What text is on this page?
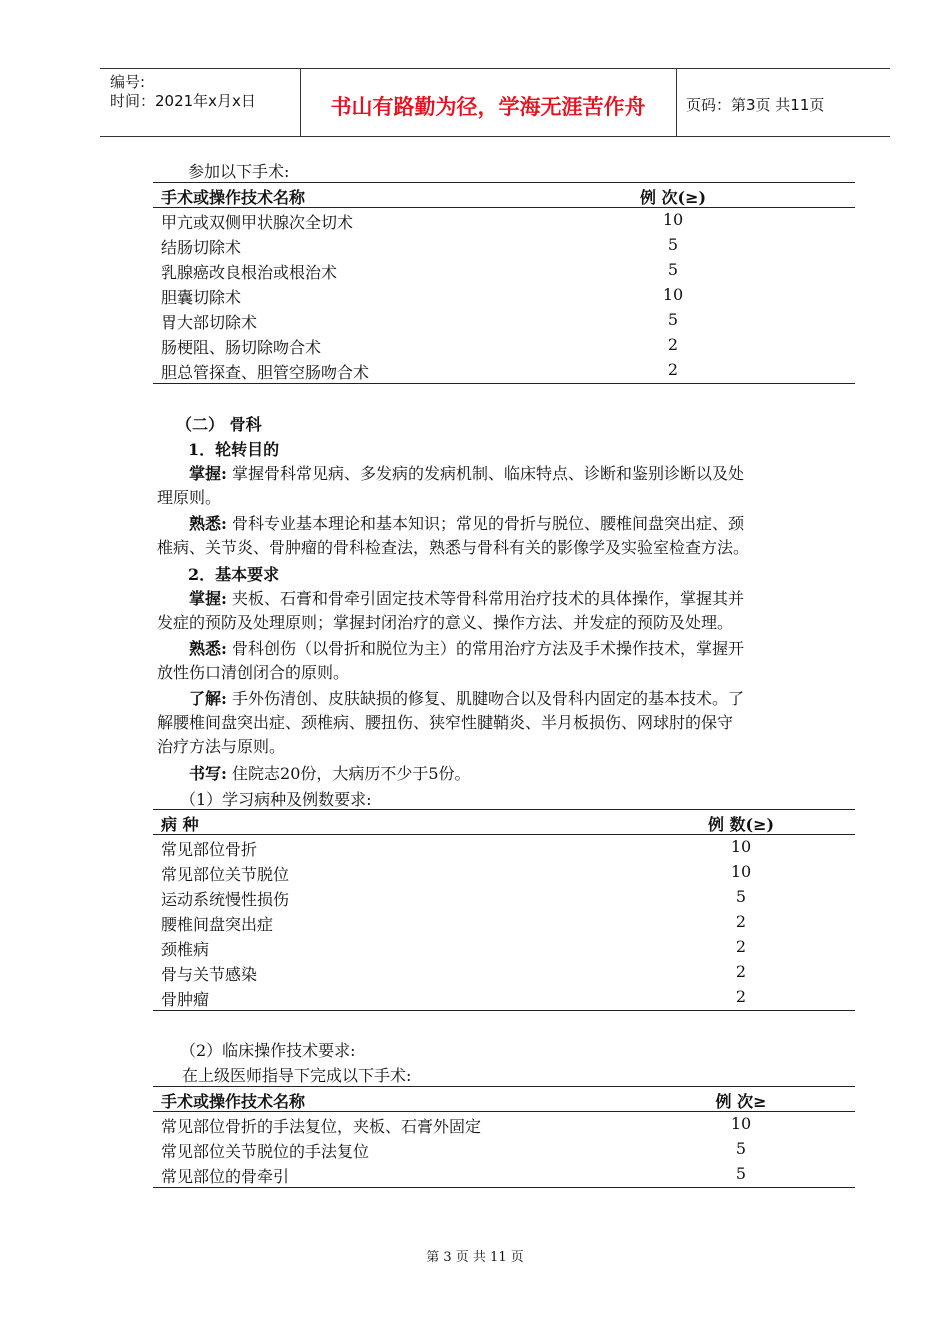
编号:
时间：2021年x月x日	书山有路勤为径，学海无涯苦作舟	页码：第3页 共11页
参加以下手术:
手术或操作技术名称	例 次(≥)
甲亢或双侧甲状腺次全切术	10
结肠切除术	5
乳腺癌改良根治或根治术	5
胆囊切除术	10
胃大部切除术	5
肠梗阻、肠切除吻合术	2
胆总管探查、胆管空肠吻合术	2
（二） 骨科
1．轮转目的
掌握: 掌握骨科常见病、多发病的发病机制、临床特点、诊断和鉴别诊断以及处
理原则。
熟悉: 骨科专业基本理论和基本知识；常见的骨折与脱位、腰椎间盘突出症、颈
椎病、关节炎、骨肿瘤的骨科检查法，熟悉与骨科有关的影像学及实验室检查方法。
2．基本要求
掌握: 夹板、石膏和骨牵引固定技术等骨科常用治疗技术的具体操作，掌握其并
发症的预防及处理原则；掌握封闭治疗的意义、操作方法、并发症的预防及处理。
熟悉: 骨科创伤（以骨折和脱位为主）的常用治疗方法及手术操作技术，掌握开
放性伤口清创闭合的原则。
了解: 手外伤清创、皮肤缺损的修复、肌腱吻合以及骨科内固定的基本技术。了
解腰椎间盘突出症、颈椎病、腰扭伤、狭窄性腱鞘炎、半月板损伤、网球肘的保守
治疗方法与原则。
书写: 住院志20份，大病历不少于5份。
（1）学习病种及例数要求:
病 种	例 数(≥)
常见部位骨折	10
常见部位关节脱位	10
运动系统慢性损伤	5
腰椎间盘突出症	2
颈椎病	2
骨与关节感染	2
骨肿瘤	2
（2）临床操作技术要求:
在上级医师指导下完成以下手术:
手术或操作技术名称	例 次≥
常见部位骨折的手法复位，夹板、石膏外固定	10
常见部位关节脱位的手法复位	5
常见部位的骨牵引	5
第 3 页 共 11 页
